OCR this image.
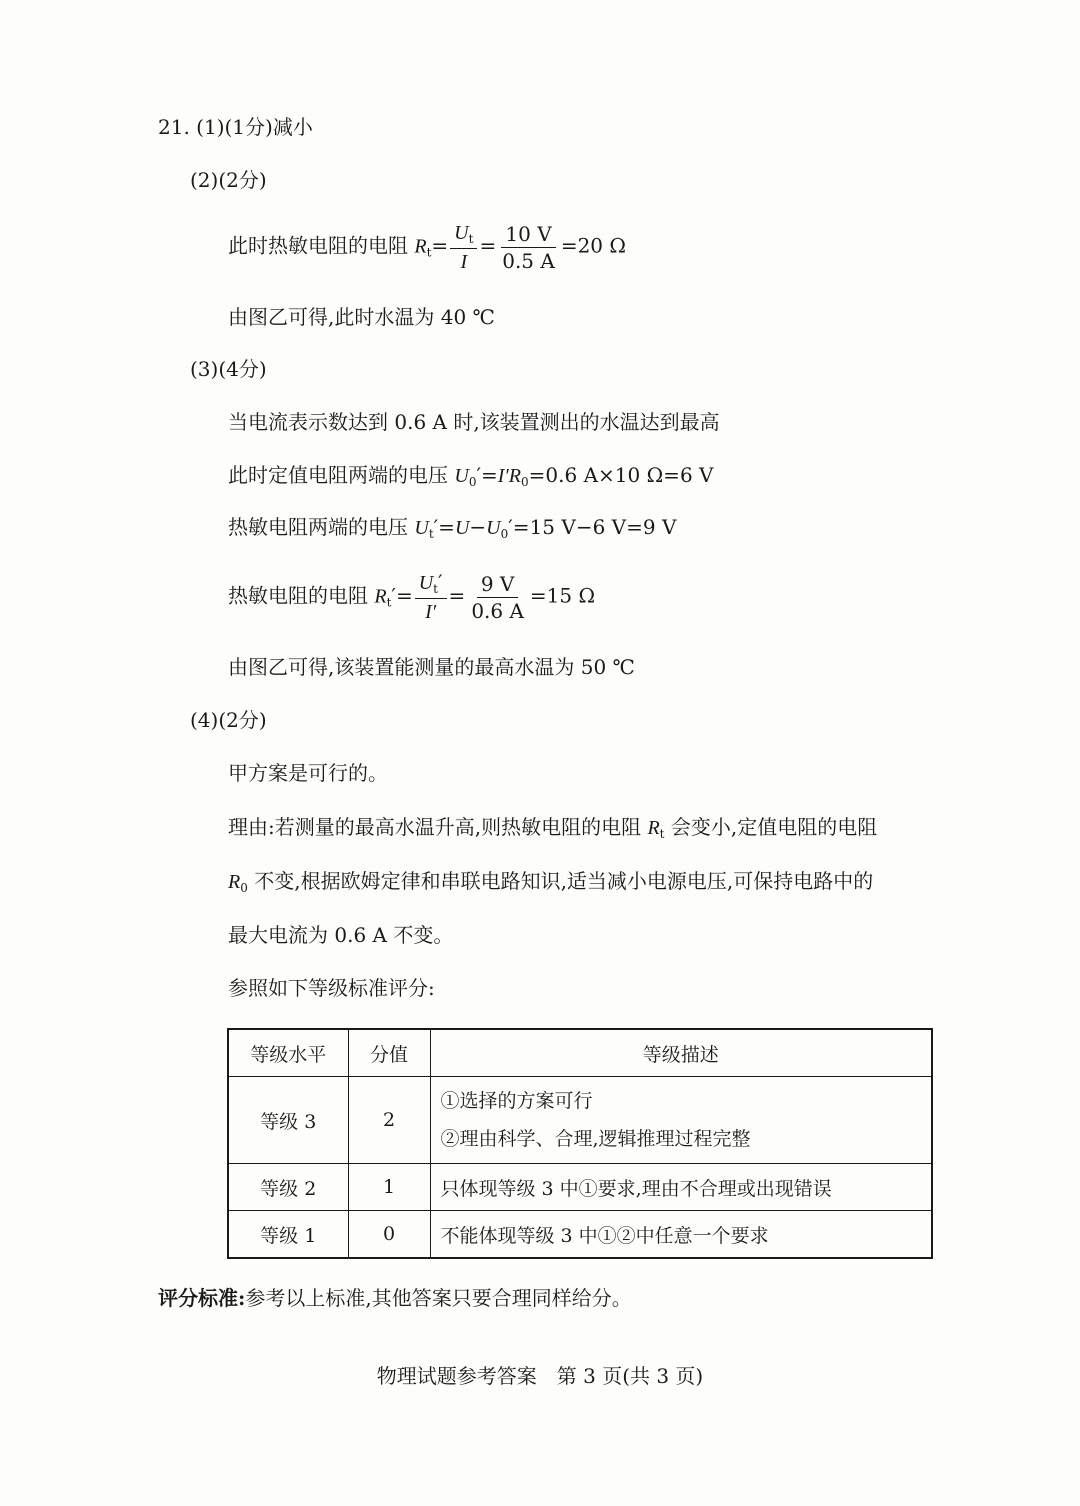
21. (1)(1分)减小
(2)(2分)
此时热敏电阻的电阻 $R_t= \frac{U_t}{I} = \frac{10 V}{0.5 A} =20$ Ω
由图乙可得,此时水温为 40 ℃
(3)(4分)
当电流表示数达到 0.6 A 时,该装置测出的水温达到最高
此时定值电阻两端的电压 $U_0'=I'R_0=0.6$ A×10 Ω=6 V
热敏电阻两端的电压 $U_t'=U-U_0'=15$ V−6 V=9 V
热敏电阻的电阻 $R_t'= \frac{U_t'}{I'} = \frac{9 V}{0.6 A} =15$ Ω
由图乙可得,该装置能测量的最高水温为 50 ℃
(4)(2分)
甲方案是可行的。
理由:若测量的最高水温升高,则热敏电阻的电阻 $R_t$ 会变小,定值电阻的电阻
$R_0$ 不变,根据欧姆定律和串联电路知识,适当减小电源电压,可保持电路中的
最大电流为 0.6 A 不变。
参照如下等级标准评分:
等级水平	分值	等级描述
等级 3	2	①选择的方案可行
②理由科学、合理,逻辑推理过程完整

等级 2	1	只体现等级 3 中①要求,理由不合理或出现错误
等级 1	0	不能体现等级 3 中①②中任意一个要求
评分标准:参考以上标准,其他答案只要合理同样给分。
物理试题参考答案　第 3 页(共 3 页)
